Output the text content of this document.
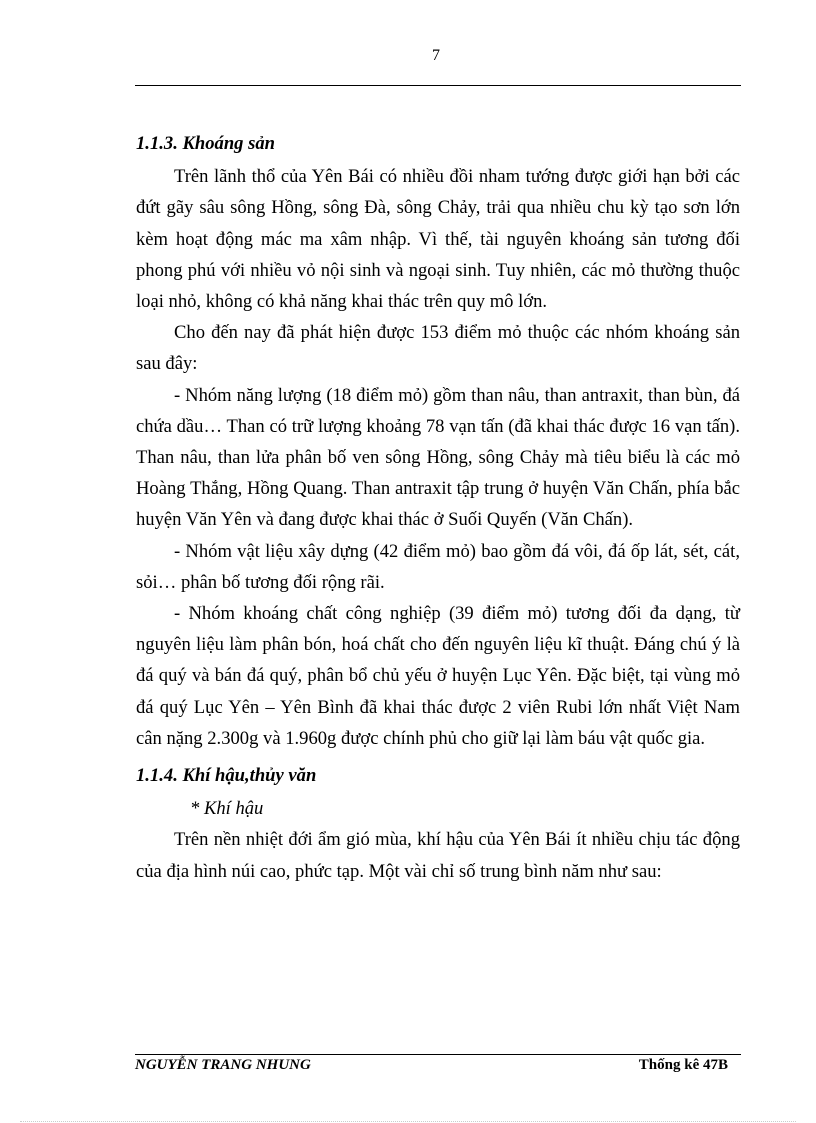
7

1.1.3. Khoáng sản

Trên lãnh thổ của Yên Bái có nhiều đồi nham tướng được giới hạn bởi các đứt gãy sâu sông Hồng, sông Đà, sông Chảy, trải qua nhiều chu kỳ tạo sơn lớn kèm hoạt động mác ma xâm nhập. Vì thế, tài nguyên khoáng sản tương đối phong phú với nhiều vỏ nội sinh và ngoại sinh. Tuy nhiên, các mỏ thường thuộc loại nhỏ, không có khả năng khai thác trên quy mô lớn.

Cho đến nay đã phát hiện được 153 điểm mỏ thuộc các nhóm khoáng sản sau đây:

- Nhóm năng lượng (18 điểm mỏ) gồm than nâu, than antraxit, than bùn, đá chứa dầu… Than có trữ lượng khoảng 78 vạn tấn (đã khai thác được 16 vạn tấn). Than nâu, than lửa phân bố ven sông Hồng, sông Chảy mà tiêu biểu là các mỏ Hoàng Thắng, Hồng Quang. Than antraxit tập trung ở huyện Văn Chấn, phía bắc huyện Văn Yên và đang được khai thác ở Suối Quyến (Văn Chấn).

- Nhóm vật liệu xây dựng (42 điểm mỏ) bao gồm đá vôi, đá ốp lát, sét, cát, sỏi… phân bố tương đối rộng rãi.

- Nhóm khoáng chất công nghiệp (39 điểm mỏ) tương đối đa dạng, từ nguyên liệu làm phân bón, hoá chất cho đến nguyên liệu kĩ thuật. Đáng chú ý là đá quý và bán đá quý, phân bổ chủ yếu ở huyện Lục Yên. Đặc biệt, tại vùng mỏ đá quý Lục Yên – Yên Bình đã khai thác được 2 viên Rubi lớn nhất Việt Nam cân nặng 2.300g và 1.960g được chính phủ cho giữ lại làm báu vật quốc gia.

1.1.4. Khí hậu,thủy văn

* Khí hậu

Trên nền nhiệt đới ẩm gió mùa, khí hậu của Yên Bái ít nhiều chịu tác động của địa hình núi cao, phức tạp. Một vài chỉ số trung bình năm như sau:

NGUYỄN TRANG NHUNG	Thống kê 47B
